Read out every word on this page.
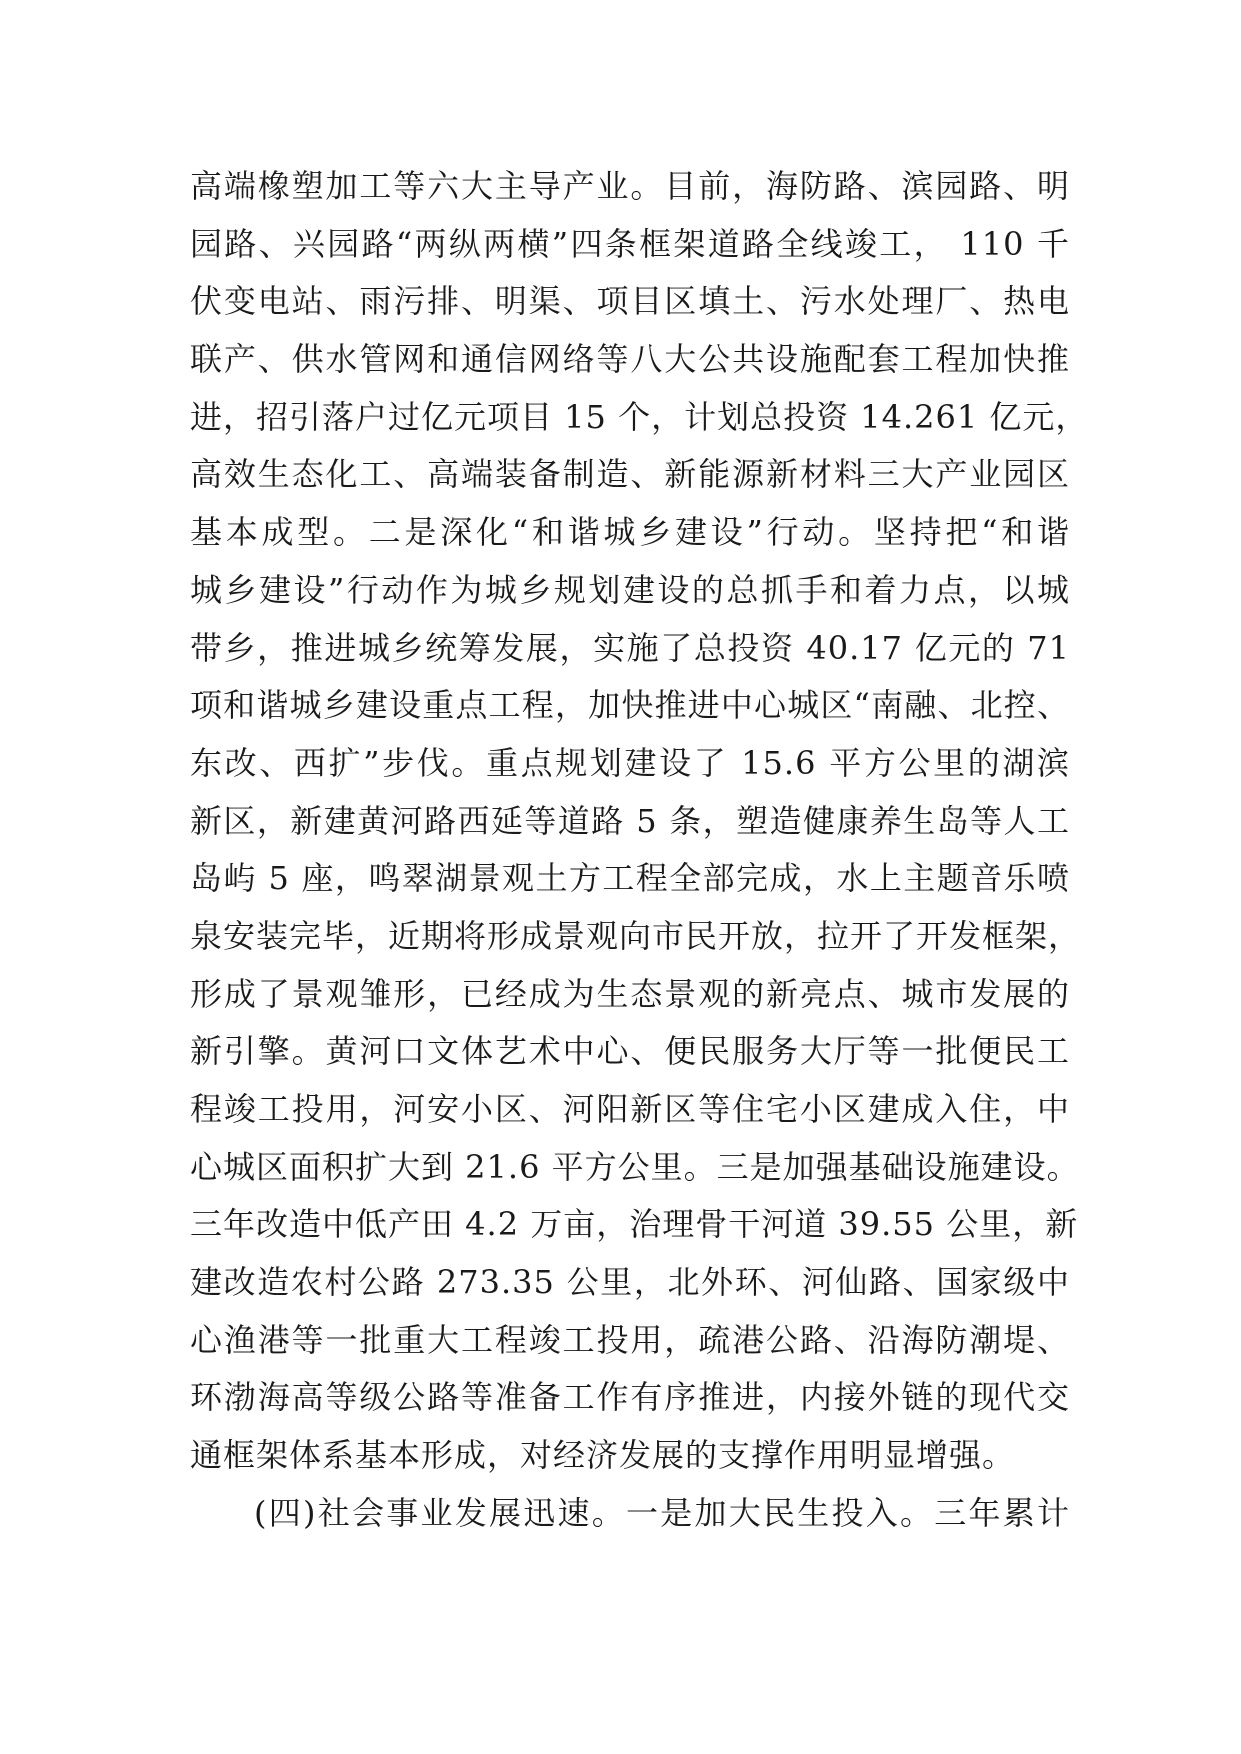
高端橡塑加工等六大主导产业。目前，海防路、滨园路、明
园路、兴园路“两纵两横”四条框架道路全线竣工， 110 千
伏变电站、雨污排、明渠、项目区填土、污水处理厂、热电
联产、供水管网和通信网络等八大公共设施配套工程加快推
进，招引落户过亿元项目 15 个，计划总投资 14.261 亿元，
高效生态化工、高端装备制造、新能源新材料三大产业园区
基本成型。二是深化“和谐城乡建设”行动。坚持把“和谐
城乡建设”行动作为城乡规划建设的总抓手和着力点，以城
带乡，推进城乡统筹发展，实施了总投资 40.17 亿元的 71
项和谐城乡建设重点工程，加快推进中心城区“南融、北控、
东改、西扩”步伐。重点规划建设了 15.6 平方公里的湖滨
新区，新建黄河路西延等道路 5 条，塑造健康养生岛等人工
岛屿 5 座，鸣翠湖景观土方工程全部完成，水上主题音乐喷
泉安装完毕，近期将形成景观向市民开放，拉开了开发框架，
形成了景观雏形，已经成为生态景观的新亮点、城市发展的
新引擎。黄河口文体艺术中心、便民服务大厅等一批便民工
程竣工投用，河安小区、河阳新区等住宅小区建成入住，中
心城区面积扩大到 21.6 平方公里。三是加强基础设施建设。
三年改造中低产田 4.2 万亩，治理骨干河道 39.55 公里，新
建改造农村公路 273.35 公里，北外环、河仙路、国家级中
心渔港等一批重大工程竣工投用，疏港公路、沿海防潮堤、
环渤海高等级公路等准备工作有序推进，内接外链的现代交
通框架体系基本形成，对经济发展的支撑作用明显增强。
(四)社会事业发展迅速。一是加大民生投入。三年累计
